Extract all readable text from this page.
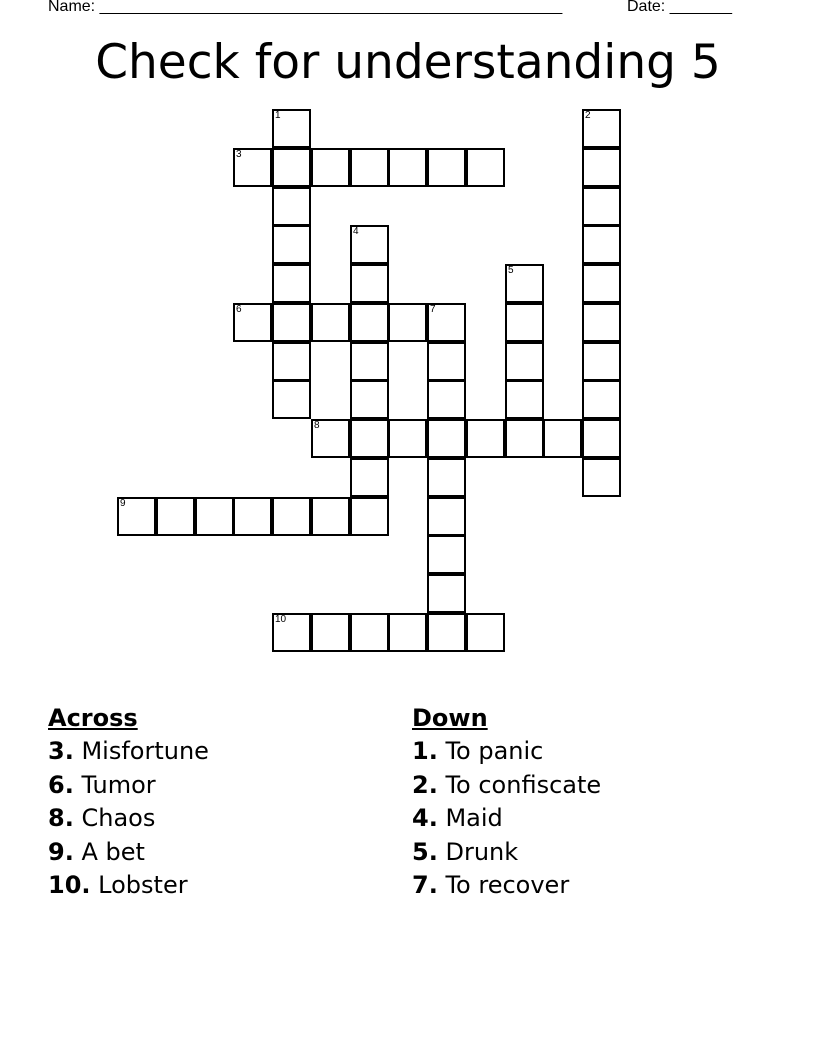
Name: ____________________________________________________	Date: _______
Check for understanding 5
1	2
3
4
5
6	7
8
9
10
Across
3. Misfortune
6. Tumor
8. Chaos
9. A bet
10. Lobster
Down
1. To panic
2. To confiscate
4. Maid
5. Drunk
7. To recover
